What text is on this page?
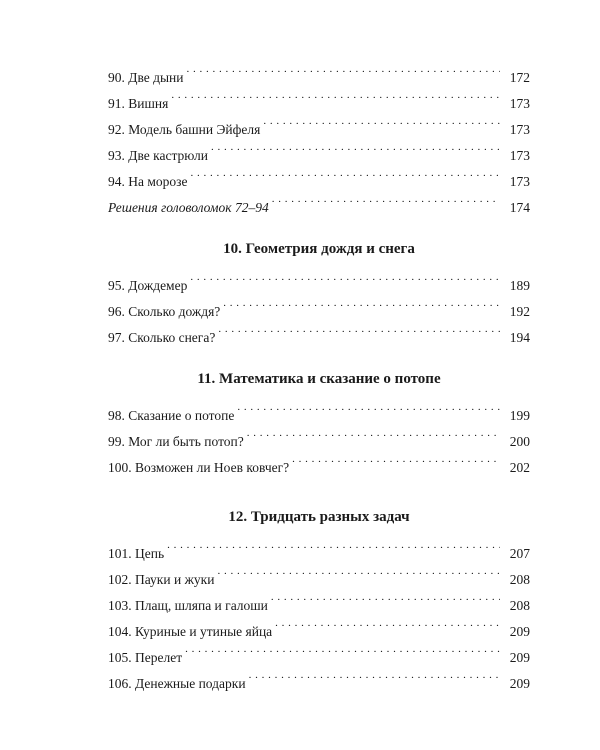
90. Две дыни . . .	172
91. Вишня . . .	173
92. Модель башни Эйфеля . . .	173
93. Две кастрюли . . .	173
94. На морозе . . .	173
Решения головоломок 72–94 . . .	174
10. Геометрия дождя и снега
95. Дождемер . . .	189
96. Сколько дождя? . . .	192
97. Сколько снега? . . .	194
11. Математика и сказание о потопе
98. Сказание о потопе . . .	199
99. Мог ли быть потоп? . . .	200
100. Возможен ли Ноев ковчег? . . .	202
12. Тридцать разных задач
101. Цепь . . .	207
102. Пауки и жуки . . .	208
103. Плащ, шляпа и галоши . . .	208
104. Куриные и утиные яйца . . .	209
105. Перелет . . .	209
106. Денежные подарки . . .	209
